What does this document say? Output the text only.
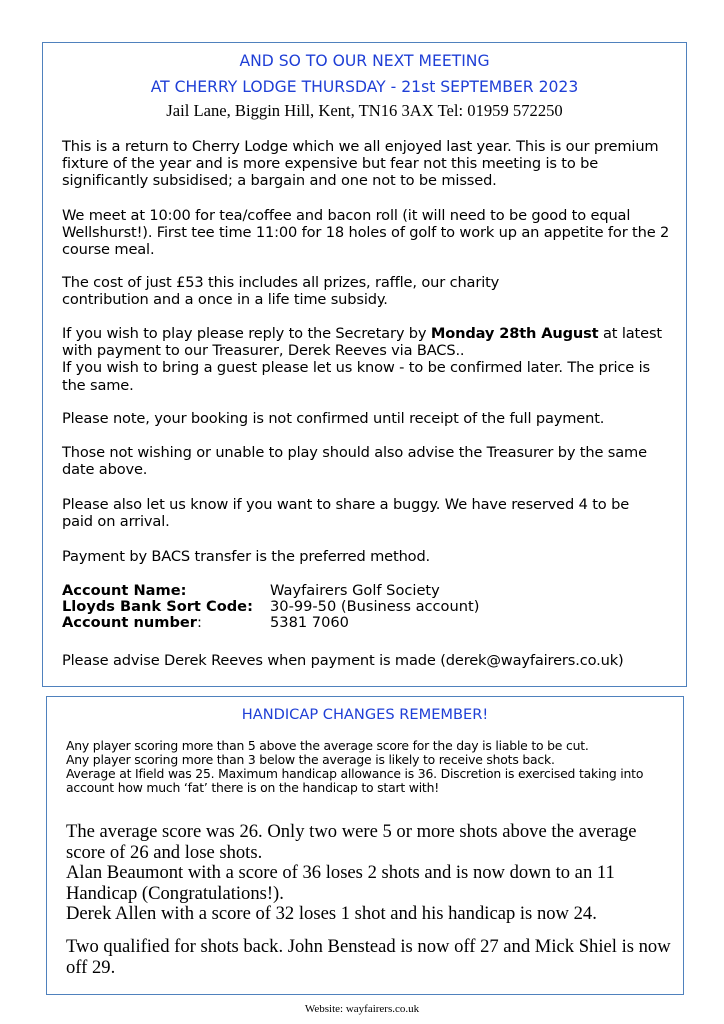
AND SO TO OUR NEXT MEETING
AT CHERRY LODGE THURSDAY - 21st SEPTEMBER 2023
Jail Lane, Biggin Hill, Kent, TN16 3AX Tel: 01959 572250
This is a return to Cherry Lodge which we all enjoyed last year. This is our premium fixture of the year and is more expensive but fear not this meeting is to be significantly subsidised; a bargain and one not to be missed.
We meet at 10:00 for tea/coffee and bacon roll (it will need to be good to equal Wellshurst!). First tee time 11:00 for 18 holes of golf to work up an appetite for the 2 course meal.
The cost of just £53 this includes all prizes, raffle, our charity contribution and a once in a life time subsidy.
If you wish to play please reply to the Secretary by Monday 28th August at latest with payment to our Treasurer, Derek Reeves via BACS..
If you wish to bring a guest please let us know - to be confirmed later. The price is the same.
Please note, your booking is not confirmed until receipt of the full payment.
Those not wishing or unable to play should also advise the Treasurer by the same date above.
Please also let us know if you want to share a buggy. We have reserved 4 to be paid on arrival.
Payment by BACS transfer is the preferred method.
Account Name:	Wayfairers Golf Society
Lloyds Bank Sort Code: 30-99-50 (Business account)
Account number:	5381 7060
Please advise Derek Reeves when payment is made (derek@wayfairers.co.uk)
HANDICAP CHANGES REMEMBER!
Any player scoring more than 5 above the average score for the day is liable to be cut.
Any player scoring more than 3 below the average is likely to receive shots back.
Average at Ifield was 25. Maximum handicap allowance is 36. Discretion is exercised taking into account how much ‘fat’ there is on the handicap to start with!
The average score was 26. Only two were 5 or more shots above the average score of 26 and lose shots.
Alan Beaumont with a score of 36 loses 2 shots and is now down to an 11 Handicap (Congratulations!).
Derek Allen with a score of 32 loses 1 shot and his handicap is now 24.
Two qualified for shots back. John Benstead is now off 27 and Mick Shiel is now off 29.
Website: wayfairers.co.uk
